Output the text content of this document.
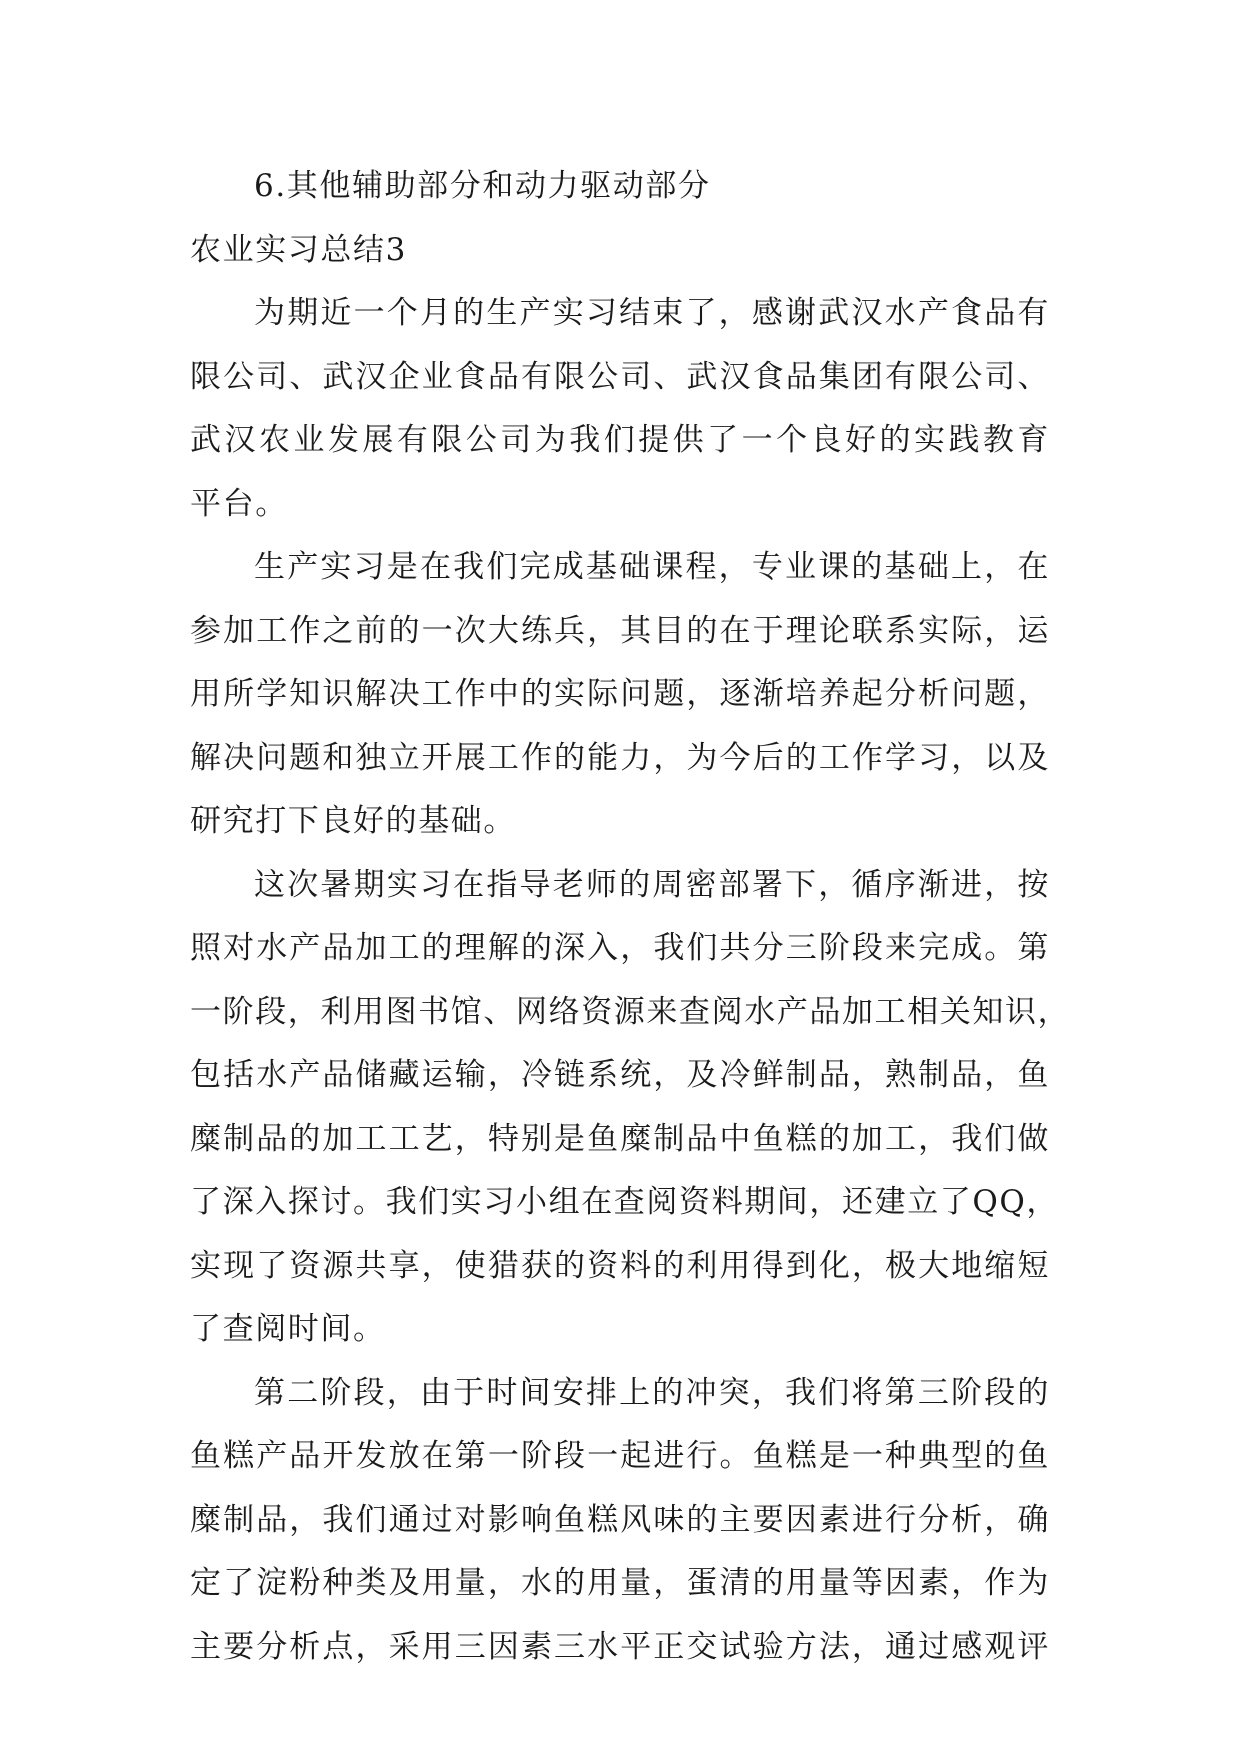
6.其他辅助部分和动力驱动部分
农业实习总结3
为期近一个月的生产实习结束了，感谢武汉水产食品有
限公司、武汉企业食品有限公司、武汉食品集团有限公司、
武汉农业发展有限公司为我们提供了一个良好的实践教育
平台。
生产实习是在我们完成基础课程，专业课的基础上，在
参加工作之前的一次大练兵，其目的在于理论联系实际，运
用所学知识解决工作中的实际问题，逐渐培养起分析问题，
解决问题和独立开展工作的能力，为今后的工作学习，以及
研究打下良好的基础。
这次暑期实习在指导老师的周密部署下，循序渐进，按
照对水产品加工的理解的深入，我们共分三阶段来完成。第
一阶段，利用图书馆、网络资源来查阅水产品加工相关知识，
包括水产品储藏运输，冷链系统，及冷鲜制品，熟制品，鱼
糜制品的加工工艺，特别是鱼糜制品中鱼糕的加工，我们做
了深入探讨。我们实习小组在查阅资料期间，还建立了QQ，
实现了资源共享，使猎获的资料的利用得到化，极大地缩短
了查阅时间。
第二阶段，由于时间安排上的冲突，我们将第三阶段的
鱼糕产品开发放在第一阶段一起进行。鱼糕是一种典型的鱼
糜制品，我们通过对影响鱼糕风味的主要因素进行分析，确
定了淀粉种类及用量，水的用量，蛋清的用量等因素，作为
主要分析点，采用三因素三水平正交试验方法，通过感观评
